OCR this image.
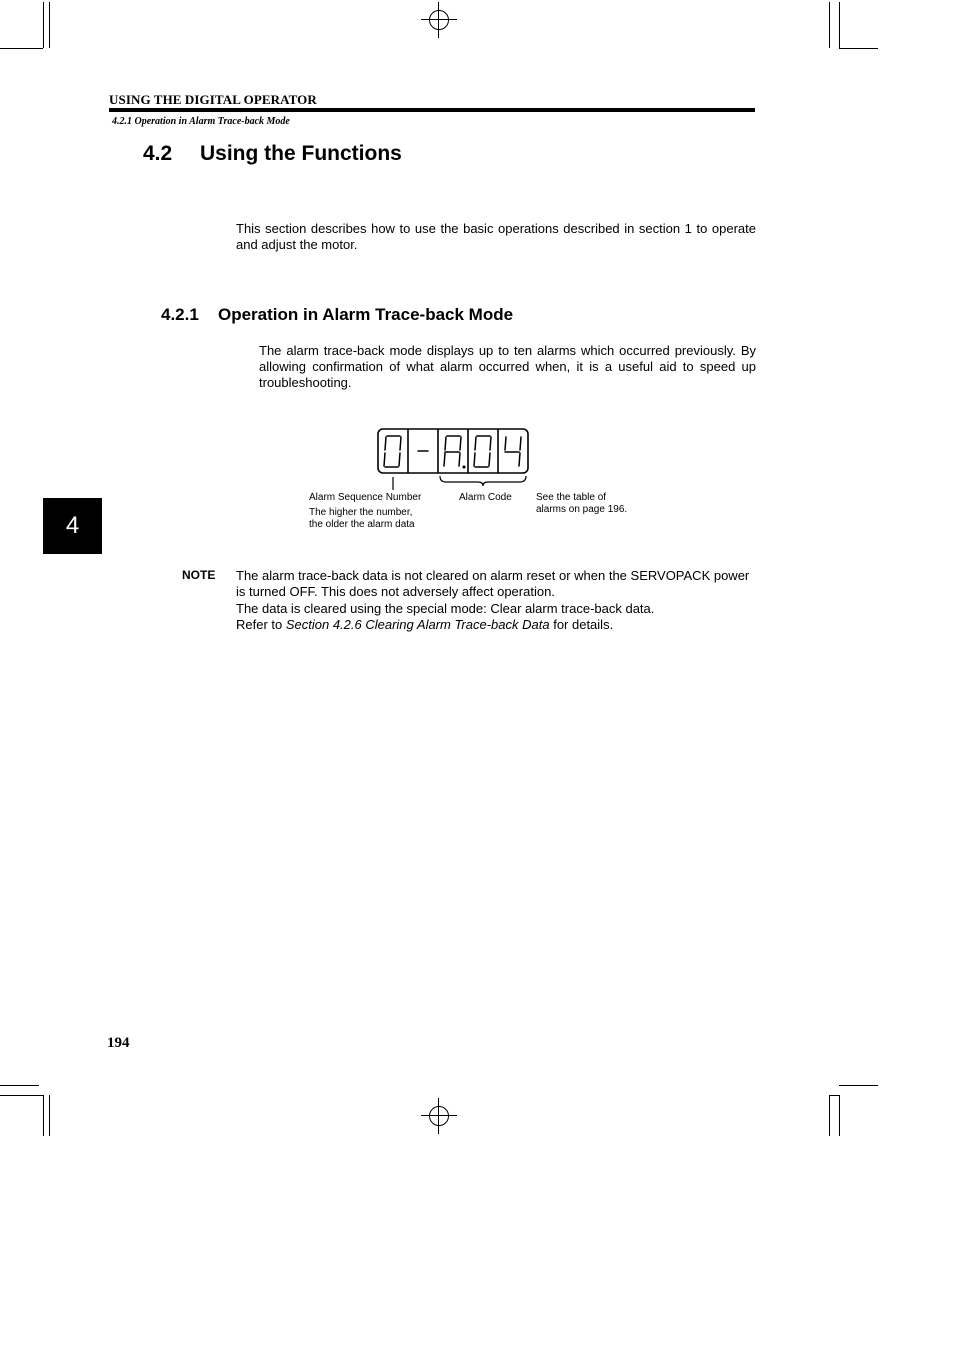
USING THE DIGITAL OPERATOR
4.2.1 Operation in Alarm Trace-back Mode
4.2 Using the Functions
This section describes how to use the basic operations described in section 1 to operate and adjust the motor.
4.2.1 Operation in Alarm Trace-back Mode
The alarm trace-back mode displays up to ten alarms which occurred previously. By allowing confirmation of what alarm occurred when, it is a useful aid to speed up troubleshooting.
Alarm Sequence Number
The higher the number,
the older the alarm data
Alarm Code See the table of
alarms on page 196.
4
NOTE The alarm trace-back data is not cleared on alarm reset or when the SERVOPACK power is turned OFF. This does not adversely affect operation.

The data is cleared using the special mode: Clear alarm trace-back data.

Refer to Section 4.2.6 Clearing Alarm Trace-back Data for details.

194
